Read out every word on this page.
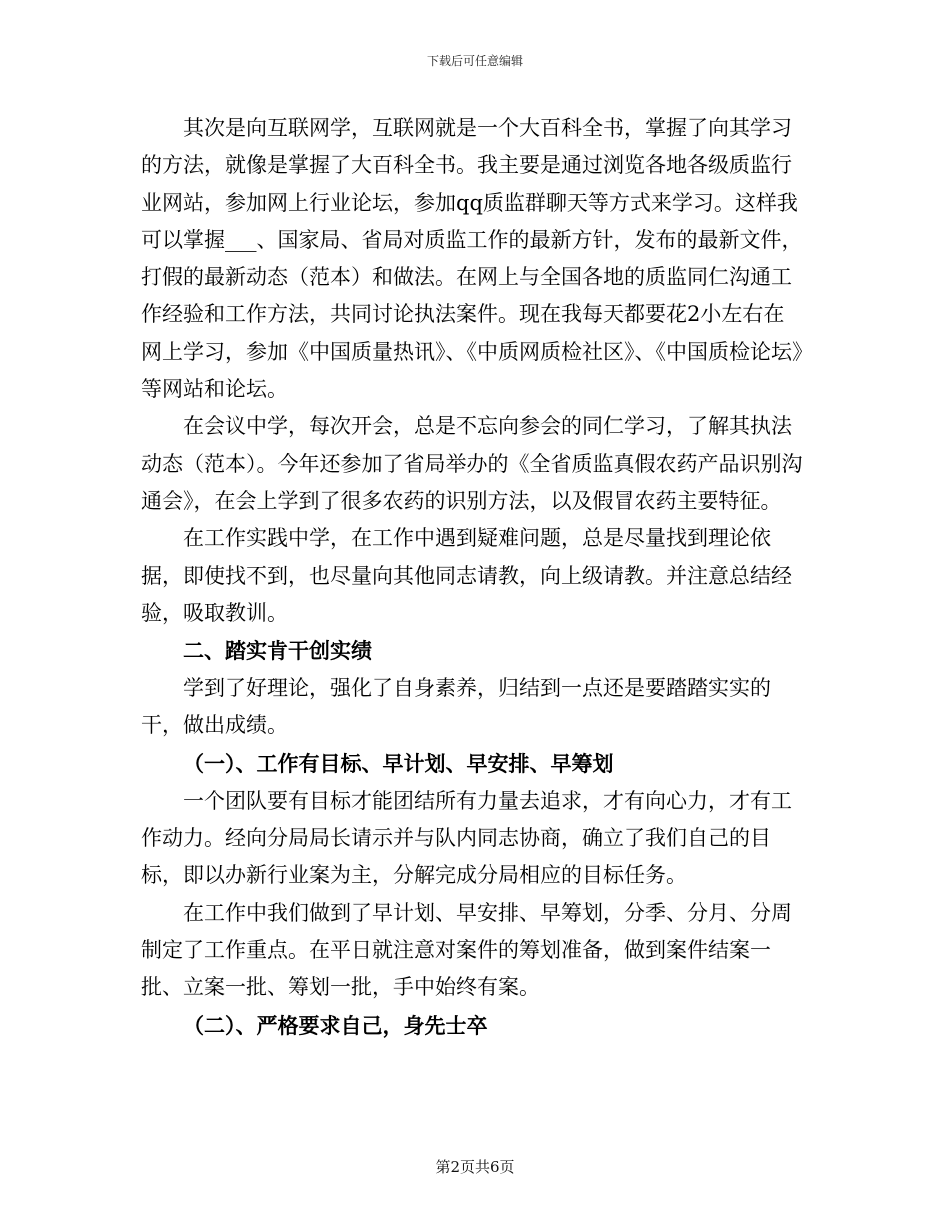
下载后可任意编辑

其次是向互联网学，互联网就是一个大百科全书，掌握了向其学习的方法，就像是掌握了大百科全书。我主要是通过浏览各地各级质监行业网站，参加网上行业论坛，参加qq质监群聊天等方式来学习。这样我可以掌握___、国家局、省局对质监工作的最新方针，发布的最新文件，打假的最新动态（范本）和做法。在网上与全国各地的质监同仁沟通工作经验和工作方法，共同讨论执法案件。现在我每天都要花2小左右在网上学习，参加《中国质量热讯》、《中质网质检社区》、《中国质检论坛》等网站和论坛。

在会议中学，每次开会，总是不忘向参会的同仁学习，了解其执法动态（范本）。今年还参加了省局举办的《全省质监真假农药产品识别沟通会》，在会上学到了很多农药的识别方法，以及假冒农药主要特征。

在工作实践中学，在工作中遇到疑难问题，总是尽量找到理论依据，即使找不到，也尽量向其他同志请教，向上级请教。并注意总结经验，吸取教训。

二、踏实肯干创实绩

学到了好理论，强化了自身素养，归结到一点还是要踏踏实实的干，做出成绩。

（一）、工作有目标、早计划、早安排、早筹划

一个团队要有目标才能团结所有力量去追求，才有向心力，才有工作动力。经向分局局长请示并与队内同志协商，确立了我们自己的目标，即以办新行业案为主，分解完成分局相应的目标任务。

在工作中我们做到了早计划、早安排、早筹划，分季、分月、分周制定了工作重点。在平日就注意对案件的筹划准备，做到案件结案一批、立案一批、筹划一批，手中始终有案。

（二）、严格要求自己，身先士卒

第2页共6页
